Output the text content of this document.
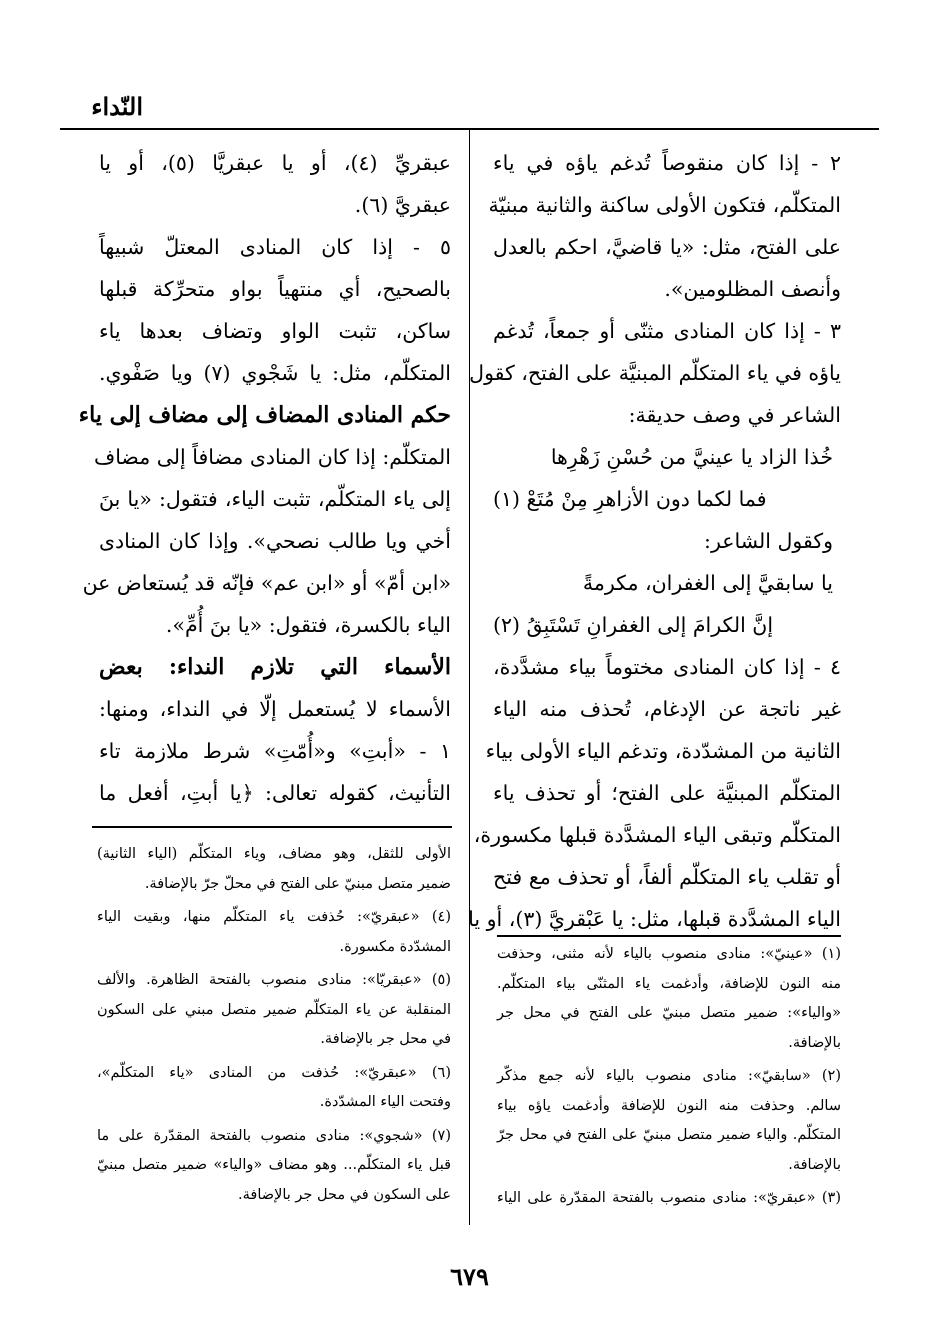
النّداء
٢ - إذا كان منقوصاً تُدغم ياؤه في ياء
المتكلّم، فتكون الأولى ساكنة والثانية مبنيّة
على الفتح، مثل: «يا قاضيَّ، احكم بالعدل
وأنصف المظلومين».
٣ - إذا كان المنادى مثنّى أو جمعاً، تُدغم
ياؤه في ياء المتكلّم المبنيَّة على الفتح، كقول
الشاعر في وصف حديقة:
خُذا الزاد يا عينيَّ من حُسْنِ زَهْرِها
فما لكما دون الأزاهرِ مِنْ مُتَعْ (١)
وكقول الشاعر:
يا سابقيَّ إلى الغفران، مكرمةً
إنَّ الكرامَ إلى الغفرانِ تَسْتَبِقُ (٢)
٤ - إذا كان المنادى مختوماً بياء مشدَّدة،
غير ناتجة عن الإدغام، تُحذف منه الياء
الثانية من المشدّدة، وتدغم الياء الأولى بياء
المتكلّم المبنيَّة على الفتح؛ أو تحذف ياء
المتكلّم وتبقى الياء المشدَّدة قبلها مكسورة،
أو تقلب ياء المتكلّم ألفاً، أو تحذف مع فتح
الياء المشدَّدة قبلها، مثل: يا عَبْقريَّ (٣)، أو يا
عبقريِّ (٤)، أو يا عبقريَّا (٥)، أو يا
عبقريَّ (٦).
٥ - إذا كان المنادى المعتلّ شبيهاً
بالصحيح، أي منتهياً بواو متحرِّكة قبلها
ساكن، تثبت الواو وتضاف بعدها ياء
المتكلّم، مثل: يا شَجْوي (٧) ويا صَفْوي.
حكم المنادى المضاف إلى مضاف إلى ياء
المتكلّم: إذا كان المنادى مضافاً إلى مضاف
إلى ياء المتكلّم، تثبت الياء، فتقول: «يا بنَ
أخي ويا طالب نصحي». وإذا كان المنادى
«ابن أمّ» أو «ابن عم» فإنّه قد يُستعاض عن
الياء بالكسرة، فتقول: «يا بنَ أُمِّ».
الأسماء التي تلازم النداء: بعض
الأسماء لا يُستعمل إلّا في النداء، ومنها:
١ - «أبتِ» و«أُمّتِ» شرط ملازمة تاء
التأنيث، كقوله تعالى: ﴿يا أبتِ، أفعل ما
(١) «عينيّ»: منادى منصوب بالياء لأنه مثنى، وحذفت
منه النون للإضافة، وأدغمت ياء المثنّى بياء المتكلّم.
«والياء»: ضمير متصل مبنيّ على الفتح في محل جر
بالإضافة.
(٢) «سابقيّ»: منادى منصوب بالياء لأنه جمع مذكّر
سالم. وحذفت منه النون للإضافة وأدغمت ياؤه بياء
المتكلّم. والياء ضمير متصل مبنيّ على الفتح في محل جرّ
بالإضافة.
(٣) «عبقريّ»: منادى منصوب بالفتحة المقدّرة على الياء
الأولى للثقل، وهو مضاف، وياء المتكلّم (الياء الثانية)
ضمير متصل مبنيّ على الفتح في محلّ جرّ بالإضافة.
(٤) «عبقريّ»: حُذفت ياء المتكلّم منها، وبقيت الياء
المشدّدة مكسورة.
(٥) «عبقريّا»: منادى منصوب بالفتحة الظاهرة. والألف
المنقلبة عن ياء المتكلّم ضمير متصل مبني على السكون
في محل جر بالإضافة.
(٦) «عبقريّ»: حُذفت من المنادى «ياء المتكلّم»،
وفتحت الياء المشدّدة.
(٧) «شجوي»: منادى منصوب بالفتحة المقدّرة على ما
قبل ياء المتكلّم... وهو مضاف «والياء» ضمير متصل مبنيّ
على السكون في محل جر بالإضافة.
٦٧٩
